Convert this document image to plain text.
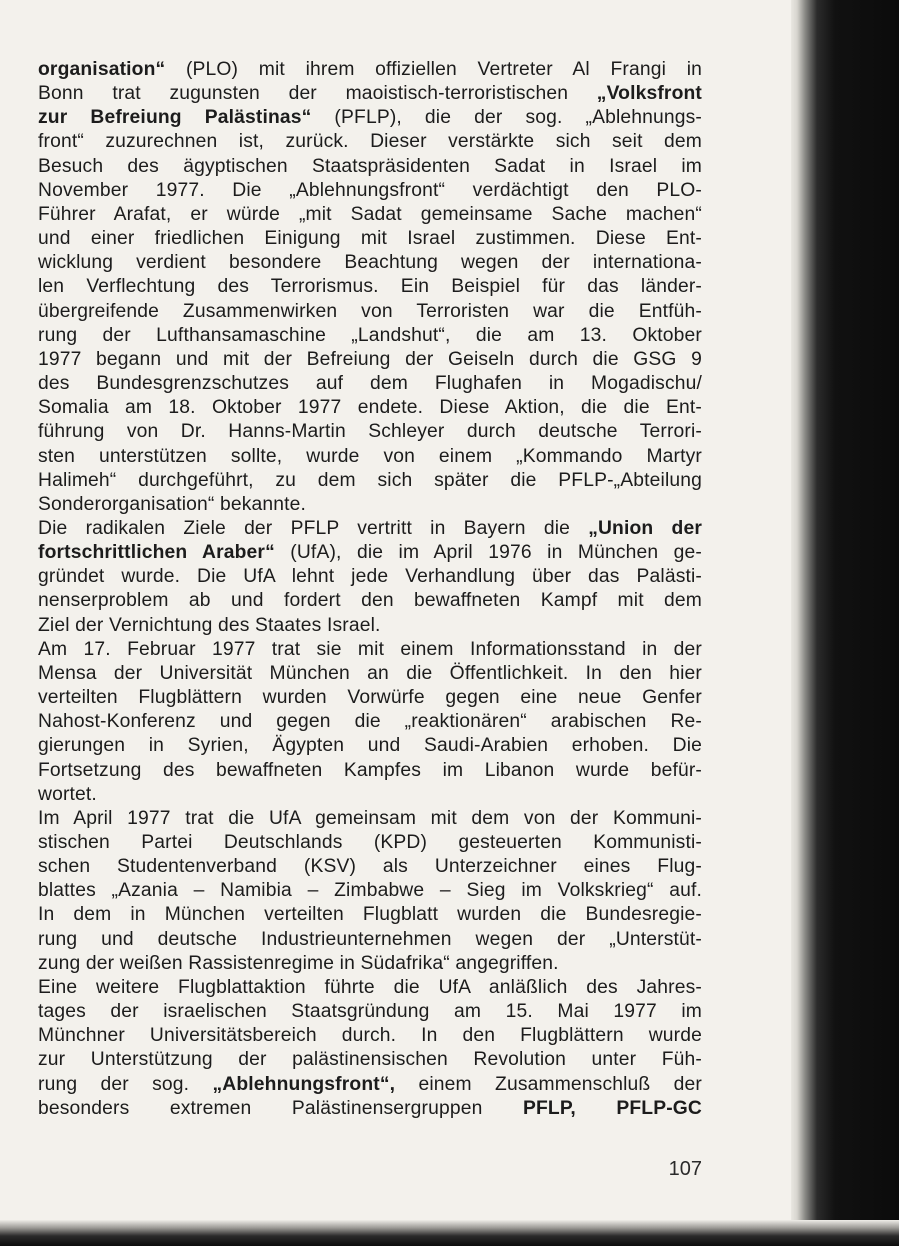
organisation“ (PLO) mit ihrem offiziellen Vertreter Al Frangi in
Bonn trat zugunsten der maoistisch-terroristischen „Volksfront
zur Befreiung Palästinas“ (PFLP), die der sog. „Ablehnungs-
front“ zuzurechnen ist, zurück. Dieser verstärkte sich seit dem
Besuch des ägyptischen Staatspräsidenten Sadat in Israel im
November 1977. Die „Ablehnungsfront“ verdächtigt den PLO-
Führer Arafat, er würde „mit Sadat gemeinsame Sache machen“
und einer friedlichen Einigung mit Israel zustimmen. Diese Ent-
wicklung verdient besondere Beachtung wegen der internationa-
len Verflechtung des Terrorismus. Ein Beispiel für das länder-
übergreifende Zusammenwirken von Terroristen war die Entfüh-
rung der Lufthansamaschine „Landshut“, die am 13. Oktober
1977 begann und mit der Befreiung der Geiseln durch die GSG 9
des Bundesgrenzschutzes auf dem Flughafen in Mogadischu/
Somalia am 18. Oktober 1977 endete. Diese Aktion, die die Ent-
führung von Dr. Hanns-Martin Schleyer durch deutsche Terrori-
sten unterstützen sollte, wurde von einem „Kommando Martyr
Halimeh“ durchgeführt, zu dem sich später die PFLP-„Abteilung
Sonderorganisation“ bekannte.
Die radikalen Ziele der PFLP vertritt in Bayern die „Union der
fortschrittlichen Araber“ (UfA), die im April 1976 in München ge-
gründet wurde. Die UfA lehnt jede Verhandlung über das Palästi-
nenserproblem ab und fordert den bewaffneten Kampf mit dem
Ziel der Vernichtung des Staates Israel.
Am 17. Februar 1977 trat sie mit einem Informationsstand in der
Mensa der Universität München an die Öffentlichkeit. In den hier
verteilten Flugblättern wurden Vorwürfe gegen eine neue Genfer
Nahost-Konferenz und gegen die „reaktionären“ arabischen Re-
gierungen in Syrien, Ägypten und Saudi-Arabien erhoben. Die
Fortsetzung des bewaffneten Kampfes im Libanon wurde befür-
wortet.
Im April 1977 trat die UfA gemeinsam mit dem von der Kommuni-
stischen Partei Deutschlands (KPD) gesteuerten Kommunisti-
schen Studentenverband (KSV) als Unterzeichner eines Flug-
blattes „Azania – Namibia – Zimbabwe – Sieg im Volkskrieg“ auf.
In dem in München verteilten Flugblatt wurden die Bundesregie-
rung und deutsche Industrieunternehmen wegen der „Unterstüt-
zung der weißen Rassistenregime in Südafrika“ angegriffen.
Eine weitere Flugblattaktion führte die UfA anläßlich des Jahres-
tages der israelischen Staatsgründung am 15. Mai 1977 im
Münchner Universitätsbereich durch. In den Flugblättern wurde
zur Unterstützung der palästinensischen Revolution unter Füh-
rung der sog. „Ablehnungsfront“, einem Zusammenschluß der
besonders extremen Palästinensergruppen PFLP, PFLP-GC
107
